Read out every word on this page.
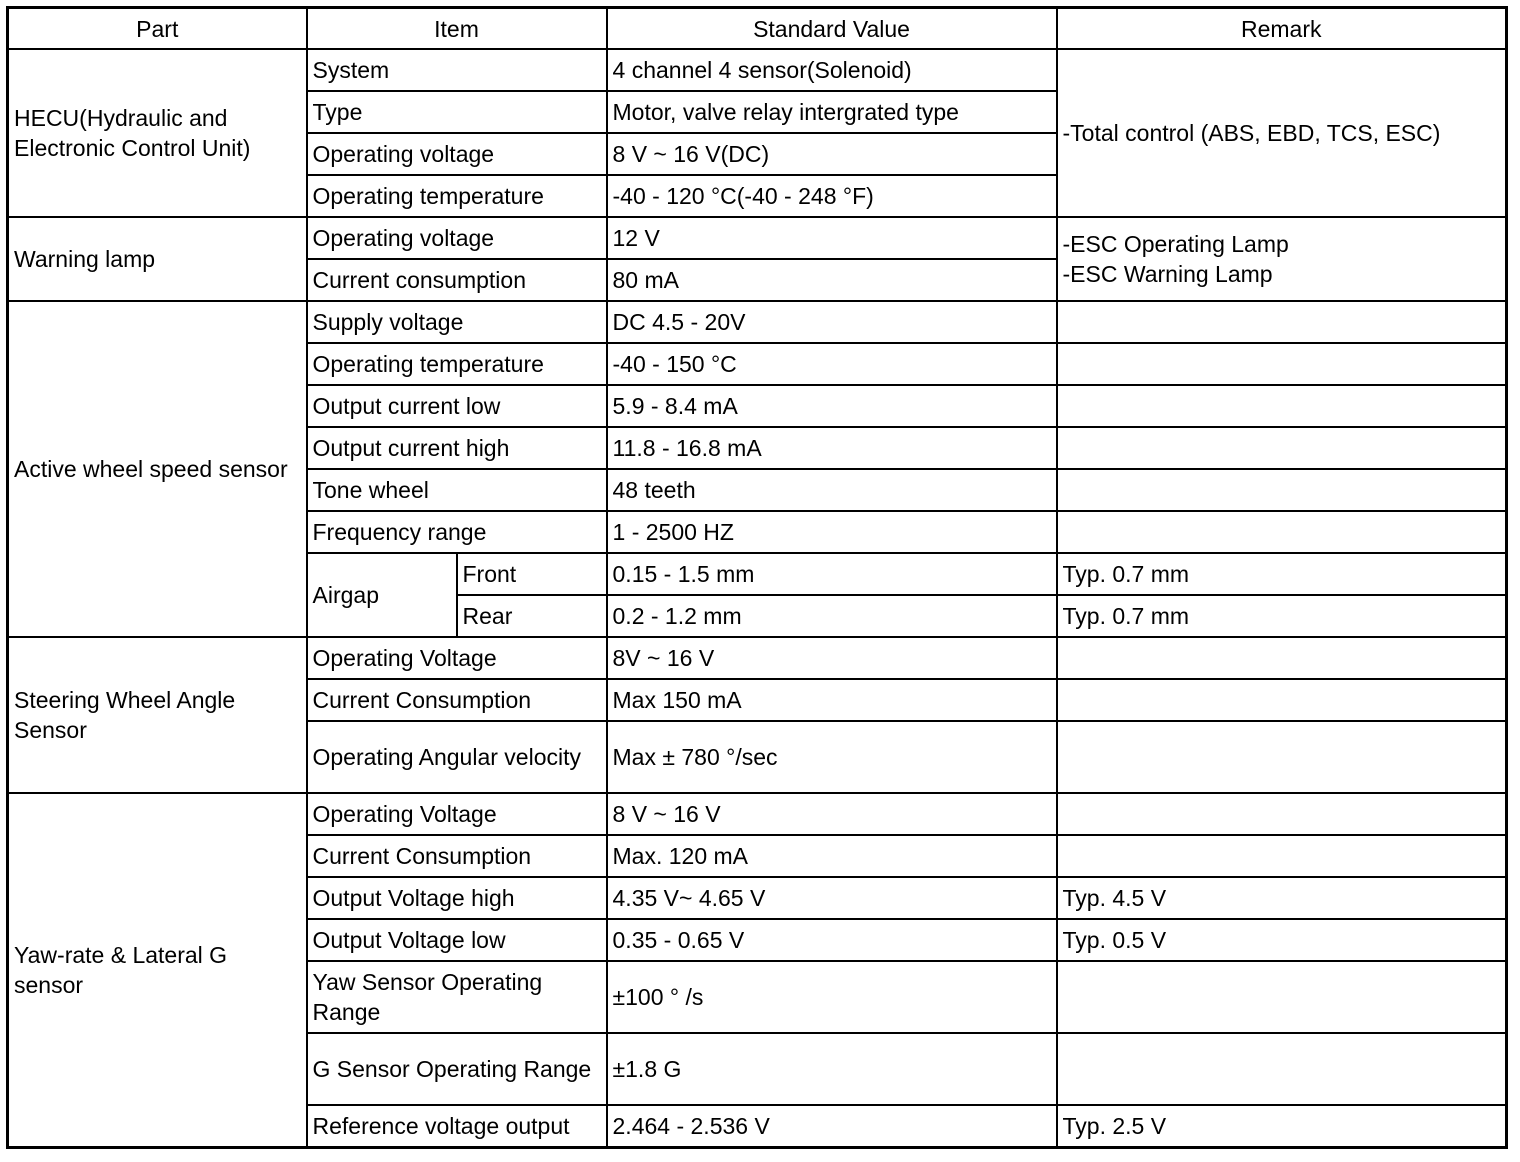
Part	Item		Standard Value	Remark
HECU(Hydraulic and Electronic Control Unit)	System		4 channel 4 sensor(Solenoid)	-Total control (ABS, EBD, TCS, ESC)
	Type		Motor, valve relay intergrated type	
	Operating voltage		8 V ~ 16 V(DC)	
	Operating temperature		-40 - 120 °C(-40 - 248 °F)	
Warning lamp	Operating voltage		12 V	-ESC Operating Lamp
-ESC Warning Lamp

	Current consumption		80 mA	
Active wheel speed sensor	Supply voltage		DC 4.5 - 20V	
	Operating temperature		-40 - 150 °C	
	Output current low		5.9 - 8.4 mA	
	Output current high		11.8 - 16.8 mA	
	Tone wheel		48 teeth	
	Frequency range		1 - 2500 HZ	
	Airgap	Front	0.15 - 1.5 mm	Typ. 0.7 mm
		Rear	0.2 - 1.2 mm	Typ. 0.7 mm
Steering Wheel Angle Sensor	Operating Voltage		8V ~ 16 V	
	Current Consumption		Max 150 mA	
	Operating Angular velocity		Max ± 780 °/sec	
Yaw-rate & Lateral G sensor	Operating Voltage		8 V ~ 16 V	
	Current Consumption		Max. 120 mA	
	Output Voltage high		4.35 V~ 4.65 V	Typ. 4.5 V
	Output Voltage low		0.35 - 0.65 V	Typ. 0.5 V
	Yaw Sensor Operating Range		±100 ° /s	
	G Sensor Operating Range		±1.8 G	
	Reference voltage output		2.464 - 2.536 V	Typ. 2.5 V
